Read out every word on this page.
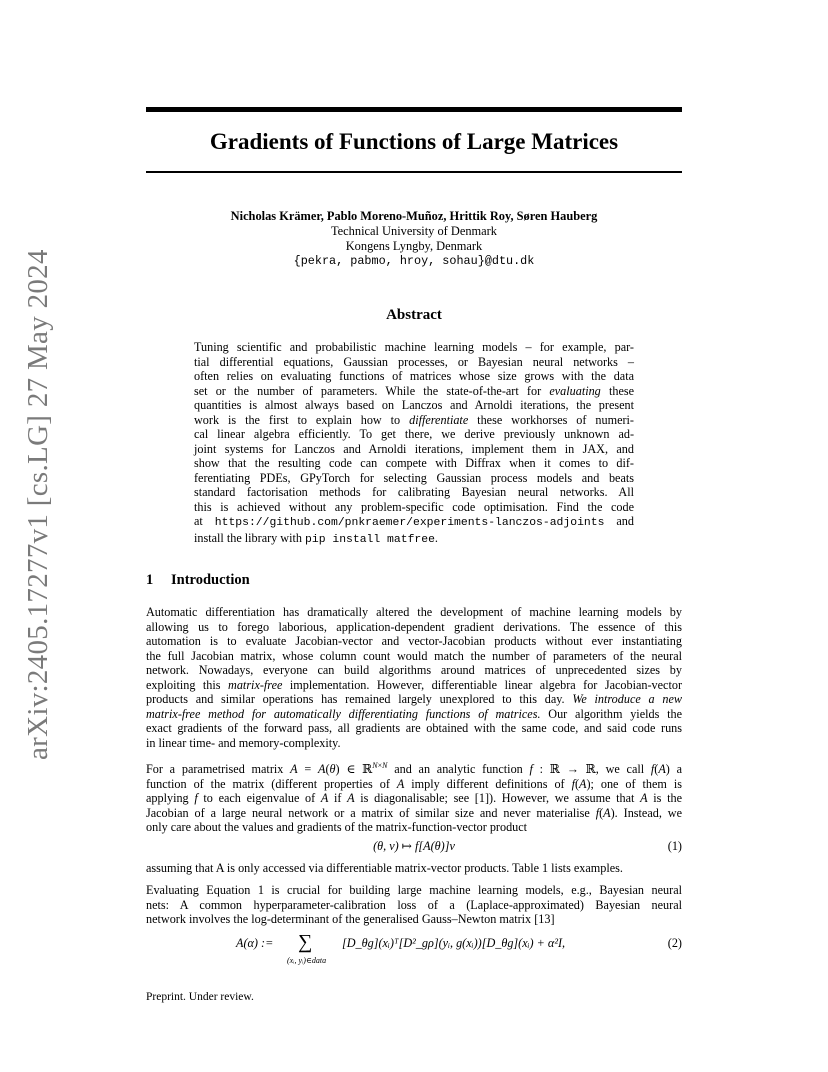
arXiv:2405.17277v1 [cs.LG] 27 May 2024
Gradients of Functions of Large Matrices
Nicholas Krämer, Pablo Moreno-Muñoz, Hrittik Roy, Søren Hauberg
Technical University of Denmark
Kongens Lyngby, Denmark
{pekra, pabmo, hroy, sohau}@dtu.dk
Abstract
Tuning scientific and probabilistic machine learning models – for example, par-
tial differential equations, Gaussian processes, or Bayesian neural networks –
often relies on evaluating functions of matrices whose size grows with the data
set or the number of parameters. While the state-of-the-art for evaluating these
quantities is almost always based on Lanczos and Arnoldi iterations, the present
work is the first to explain how to differentiate these workhorses of numeri-
cal linear algebra efficiently. To get there, we derive previously unknown ad-
joint systems for Lanczos and Arnoldi iterations, implement them in JAX, and
show that the resulting code can compete with Diffrax when it comes to dif-
ferentiating PDEs, GPyTorch for selecting Gaussian process models and beats
standard factorisation methods for calibrating Bayesian neural networks. All
this is achieved without any problem-specific code optimisation. Find the code
at https://github.com/pnkraemer/experiments-lanczos-adjoints and
install the library with pip install matfree.
1 Introduction
Automatic differentiation has dramatically altered the development of machine learning models by
allowing us to forego laborious, application-dependent gradient derivations. The essence of this
automation is to evaluate Jacobian-vector and vector-Jacobian products without ever instantiating
the full Jacobian matrix, whose column count would match the number of parameters of the neural
network. Nowadays, everyone can build algorithms around matrices of unprecedented sizes by
exploiting this matrix-free implementation. However, differentiable linear algebra for Jacobian-vector
products and similar operations has remained largely unexplored to this day. We introduce a new
matrix-free method for automatically differentiating functions of matrices. Our algorithm yields the
exact gradients of the forward pass, all gradients are obtained with the same code, and said code runs
in linear time- and memory-complexity.
For a parametrised matrix A = A(θ) ∈ ℝ$^{N\times N}$ and an analytic function f : ℝ → ℝ, we call f(A) a
function of the matrix (different properties of A imply different definitions of f(A); one of them is
applying f to each eigenvalue of A if A is diagonalisable; see [1]). However, we assume that A is the
Jacobian of a large neural network or a matrix of similar size and never materialise f(A). Instead, we
only care about the values and gradients of the matrix-function-vector product
(θ, v) ↦ f[A(θ)]v	(1)
assuming that A is only accessed via differentiable matrix-vector products. Table 1 lists examples.
Evaluating Equation 1 is crucial for building large machine learning models, e.g., Bayesian neural
nets: A common hyperparameter-calibration loss of a (Laplace-approximated) Bayesian neural
network involves the log-determinant of the generalised Gauss–Newton matrix [13]
A(α) := ∑
(xᵢ, yᵢ)∈data
[D_θg](xᵢ)ᵀ[D²_gρ](yᵢ, g(xᵢ))[D_θg](xᵢ) + α²I,	(2)
Preprint. Under review.
